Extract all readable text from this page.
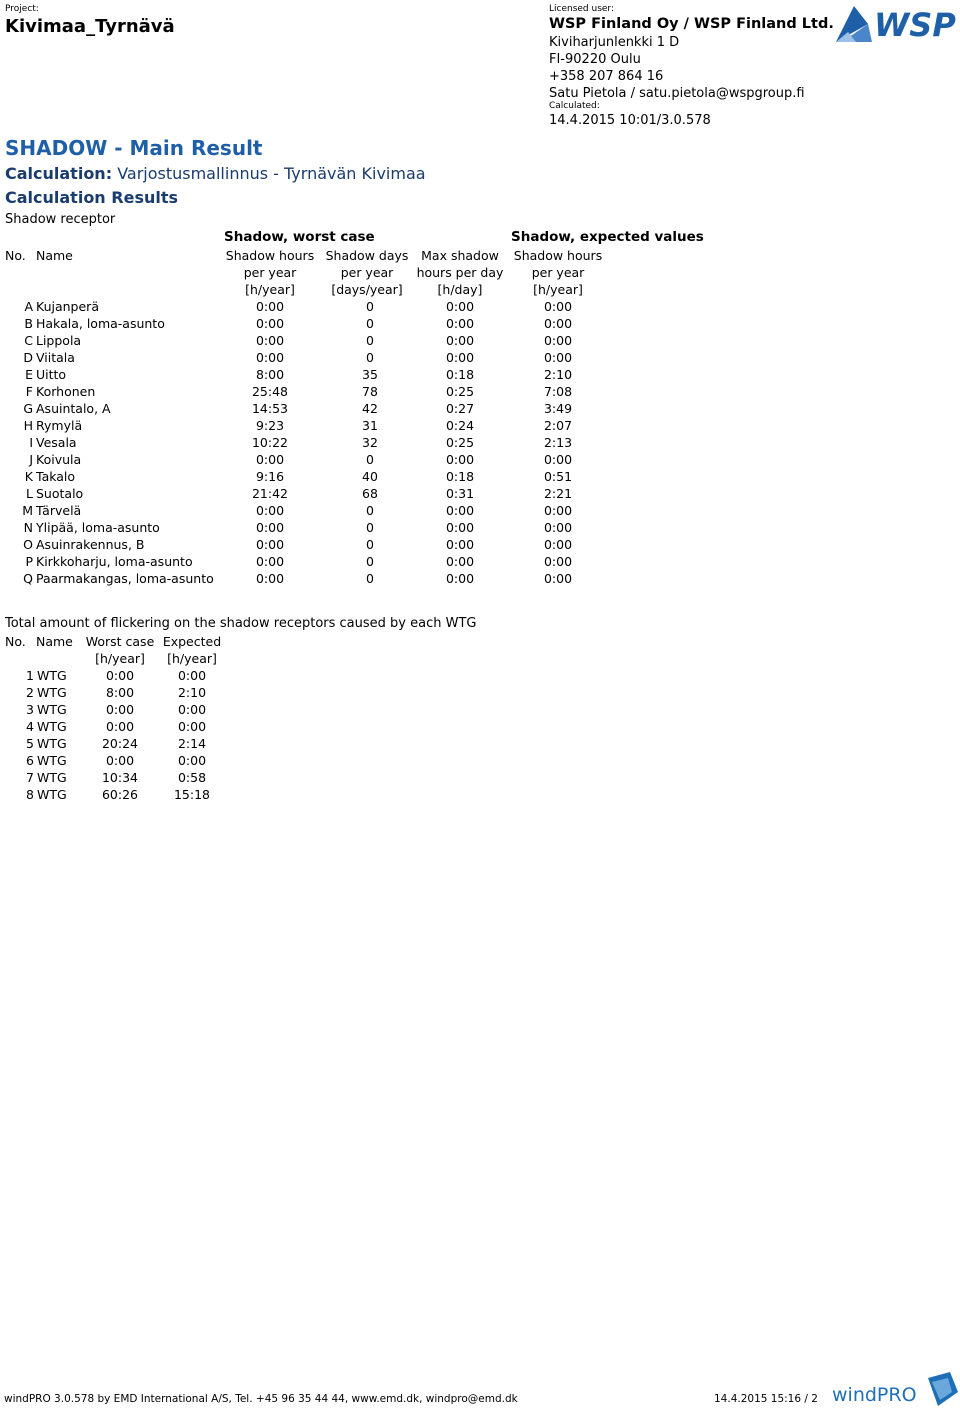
Project:
Kivimaa_Tyrnävä
Licensed user:
WSP Finland Oy / WSP Finland Ltd.
Kiviharjunlenkki 1 D
FI-90220 Oulu
+358 207 864 16
Satu Pietola / satu.pietola@wspgroup.fi
Calculated:
14.4.2015 10:01/3.0.578
WSP
SHADOW - Main Result
Calculation: Varjostusmallinnus - Tyrnävän Kivimaa
Calculation Results
Shadow receptor
Shadow, worst case	Shadow, expected values
No. Name	Shadow hours Shadow days	Max shadow	Shadow hours
per year	per year	hours per day	per year
[h/year]	[days/year]	[h/day]	[h/year]
A Kujanperä	0:00	0	0:00	0:00
B Hakala, loma-asunto	0:00	0	0:00	0:00
C Lippola	0:00	0	0:00	0:00
D Viitala	0:00	0	0:00	0:00
E Uitto	8:00	35	0:18	2:10
F Korhonen	25:48	78	0:25	7:08
G Asuintalo, A	14:53	42	0:27	3:49
H Rymylä	9:23	31	0:24	2:07
I Vesala	10:22	32	0:25	2:13
J Koivula	0:00	0	0:00	0:00
K Takalo	9:16	40	0:18	0:51
L Suotalo	21:42	68	0:31	2:21
M Tärvelä	0:00	0	0:00	0:00
N Ylipää, loma-asunto	0:00	0	0:00	0:00
O Asuinrakennus, B	0:00	0	0:00	0:00
P Kirkkoharju, loma-asunto	0:00	0	0:00	0:00
Q Paarmakangas, loma-asunto	0:00	0	0:00	0:00
Total amount of flickering on the shadow receptors caused by each WTG
No. Name	Worst case Expected
[h/year]	[h/year]
1 WTG	0:00	0:00
2 WTG	8:00	2:10
3 WTG	0:00	0:00
4 WTG	0:00	0:00
5 WTG	20:24	2:14
6 WTG	0:00	0:00
7 WTG	10:34	0:58
8 WTG	60:26	15:18
windPRO 3.0.578 by EMD International A/S, Tel. +45 96 35 44 44, www.emd.dk, windpro@emd.dk	14.4.2015 15:16 / 2 windPRO
